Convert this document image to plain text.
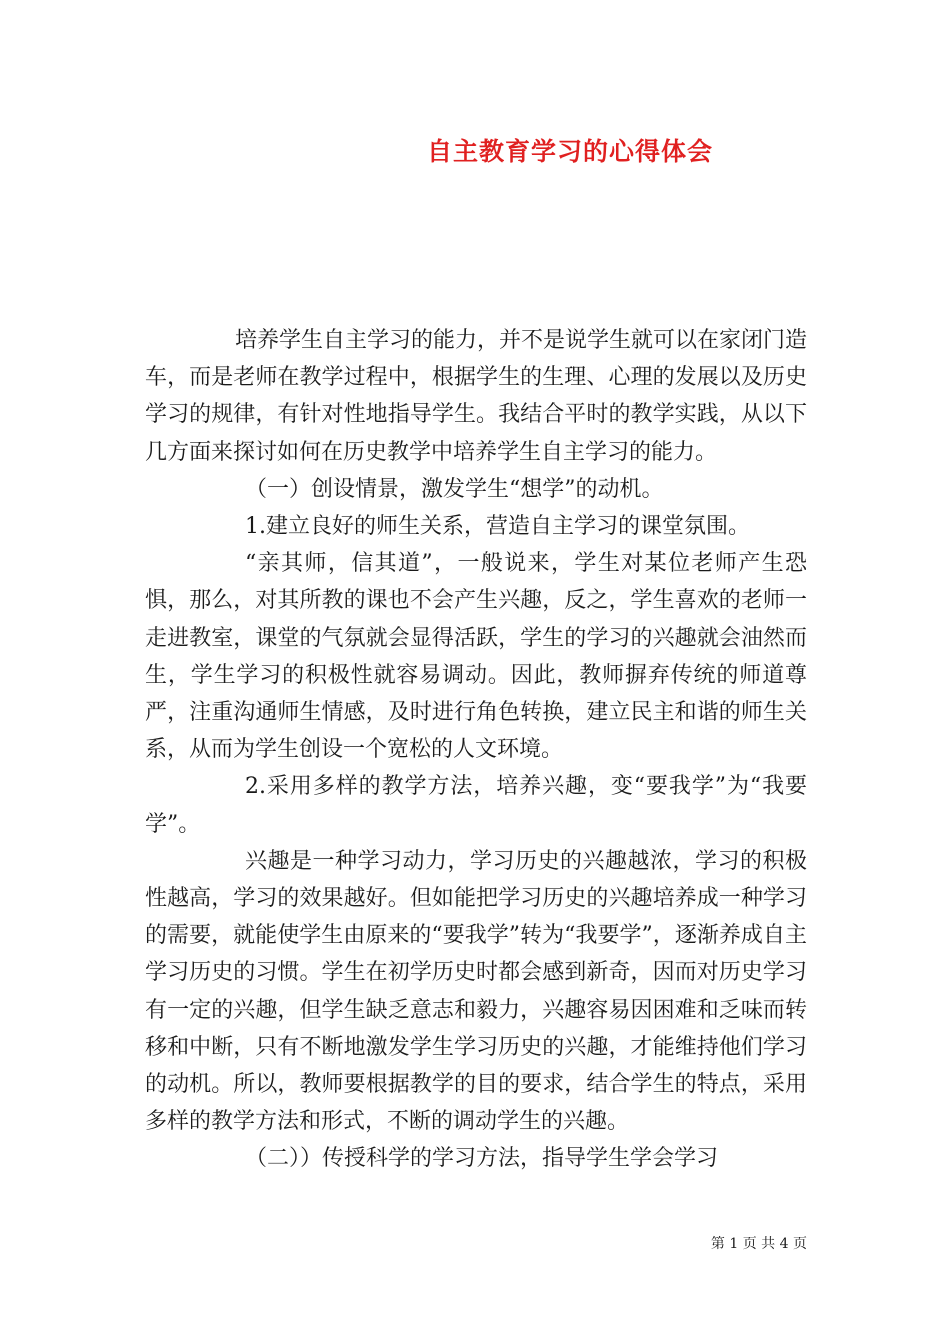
自主教育学习的心得体会

培养学生自主学习的能力，并不是说学生就可以在家闭门造车，而是老师在教学过程中，根据学生的生理、心理的发展以及历史学习的规律，有针对性地指导学生。我结合平时的教学实践，从以下几方面来探讨如何在历史教学中培养学生自主学习的能力。

（一）创设情景，激发学生“想学”的动机。

1.建立良好的师生关系，营造自主学习的课堂氛围。

“亲其师，信其道”，一般说来，学生对某位老师产生恐惧，那么，对其所教的课也不会产生兴趣，反之，学生喜欢的老师一走进教室，课堂的气氛就会显得活跃，学生的学习的兴趣就会油然而生，学生学习的积极性就容易调动。因此，教师摒弃传统的师道尊严，注重沟通师生情感，及时进行角色转换，建立民主和谐的师生关系，从而为学生创设一个宽松的人文环境。

2.采用多样的教学方法，培养兴趣，变“要我学”为“我要学”。

兴趣是一种学习动力，学习历史的兴趣越浓，学习的积极性越高，学习的效果越好。但如能把学习历史的兴趣培养成一种学习的需要，就能使学生由原来的“要我学”转为“我要学”，逐渐养成自主学习历史的习惯。学生在初学历史时都会感到新奇，因而对历史学习有一定的兴趣，但学生缺乏意志和毅力，兴趣容易因困难和乏味而转移和中断，只有不断地激发学生学习历史的兴趣，才能维持他们学习的动机。所以，教师要根据教学的目的要求，结合学生的特点，采用多样的教学方法和形式，不断的调动学生的兴趣。

（二））传授科学的学习方法，指导学生学会学习

第 1 页 共 4 页
